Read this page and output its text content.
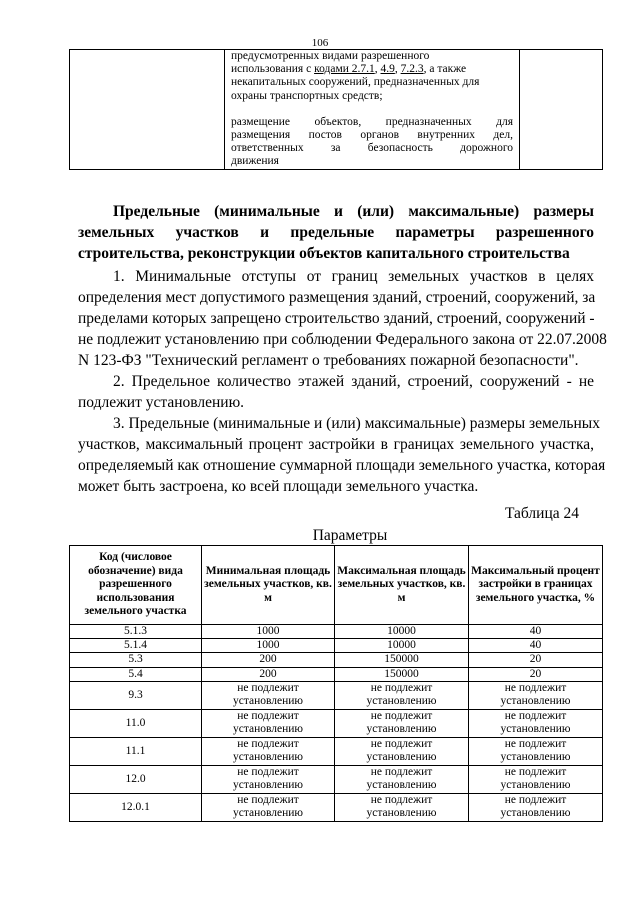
106

предусмотренных видами разрешенного

использования с кодами 2.7.1, 4.9, 7.2.3, а также

некапитальных сооружений, предназначенных для

охраны транспортных средств;

размещение объектов, предназначенных для

размещения постов органов внутренних дел,

ответственных за безопасность дорожного

движения

Предельные (минимальные и (или) максимальные) размеры
земельных участков и предельные параметры разрешенного
строительства, реконструкции объектов капитального строительства

1. Минимальные отступы от границ земельных участков в целях
определения мест допустимого размещения зданий, строений, сооружений, за
пределами которых запрещено строительство зданий, строений, сооружений -
не подлежит установлению при соблюдении Федерального закона от 22.07.2008
N 123-ФЗ "Технический регламент о требованиях пожарной безопасности".

2. Предельное количество этажей зданий, строений, сооружений - не
подлежит установлению.

3. Предельные (минимальные и (или) максимальные) размеры земельных
участков, максимальный процент застройки в границах земельного участка,
определяемый как отношение суммарной площади земельного участка, которая
может быть застроена, ко всей площади земельного участка.

Таблица 24
Параметры
Код (числовое обозначение) вида разрешенного использования земельного участка	Минимальная площадь земельных участков, кв. м	Максимальная площадь земельных участков, кв. м	Максимальный процент застройки в границах земельного участка, %
5.1.3	1000	10000	40
5.1.4	1000	10000	40
5.3	200	150000	20
5.4	200	150000	20
9.3	не подлежит
установлению	не подлежит
установлению	не подлежит
установлению

11.0	не подлежит
установлению	не подлежит
установлению	не подлежит
установлению

11.1	не подлежит
установлению	не подлежит
установлению	не подлежит
установлению

12.0	не подлежит
установлению	не подлежит
установлению	не подлежит
установлению

12.0.1	не подлежит
установлению	не подлежит
установлению	не подлежит
установлению
